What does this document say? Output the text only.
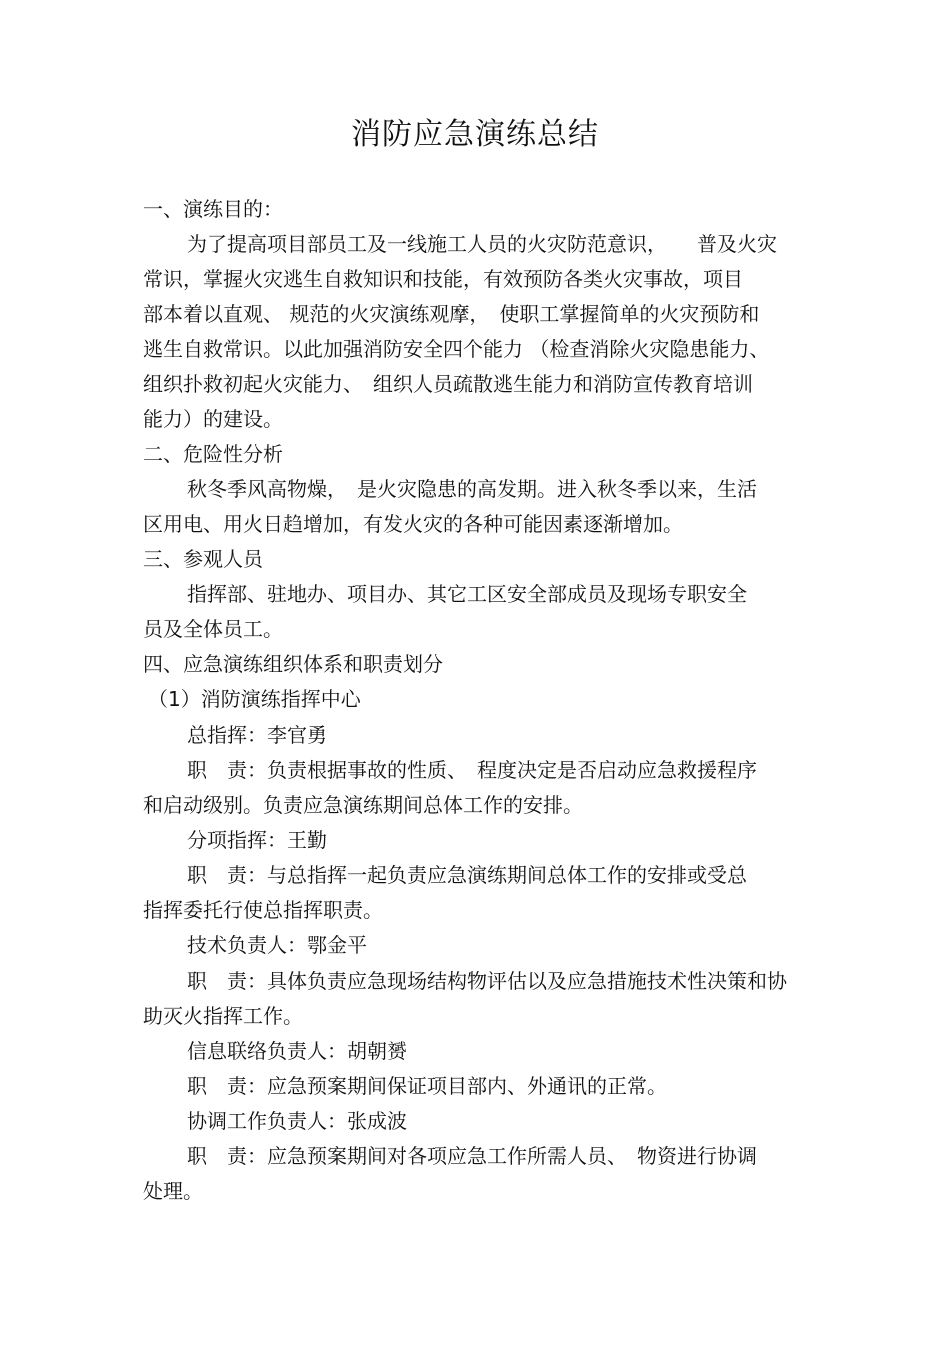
消防应急演练总结

一、演练目的：

为了提高项目部员工及一线施工人员的火灾防范意识，　　普及火灾

常识，掌握火灾逃生自救知识和技能，有效预防各类火灾事故，项目

部本着以直观、 规范的火灾演练观摩，　使职工掌握简单的火灾预防和

逃生自救常识。以此加强消防安全四个能力 （检查消除火灾隐患能力、

组织扑救初起火灾能力、　组织人员疏散逃生能力和消防宣传教育培训

能力）的建设。

二、危险性分析

秋冬季风高物燥，　是火灾隐患的高发期。进入秋冬季以来，生活

区用电、用火日趋增加，有发火灾的各种可能因素逐渐增加。

三、参观人员

指挥部、驻地办、项目办、其它工区安全部成员及现场专职安全

员及全体员工。

四、应急演练组织体系和职责划分

（1）消防演练指挥中心

总指挥：李官勇

职　责：负责根据事故的性质、　程度决定是否启动应急救援程序

和启动级别。负责应急演练期间总体工作的安排。

分项指挥：王勤

职　责：与总指挥一起负责应急演练期间总体工作的安排或受总

指挥委托行使总指挥职责。

技术负责人：鄂金平

职　责：具体负责应急现场结构物评估以及应急措施技术性决策和协

助灭火指挥工作。

信息联络负责人：胡朝赟

职　责：应急预案期间保证项目部内、外通讯的正常。

协调工作负责人：张成波

职　责：应急预案期间对各项应急工作所需人员、　物资进行协调

处理。
